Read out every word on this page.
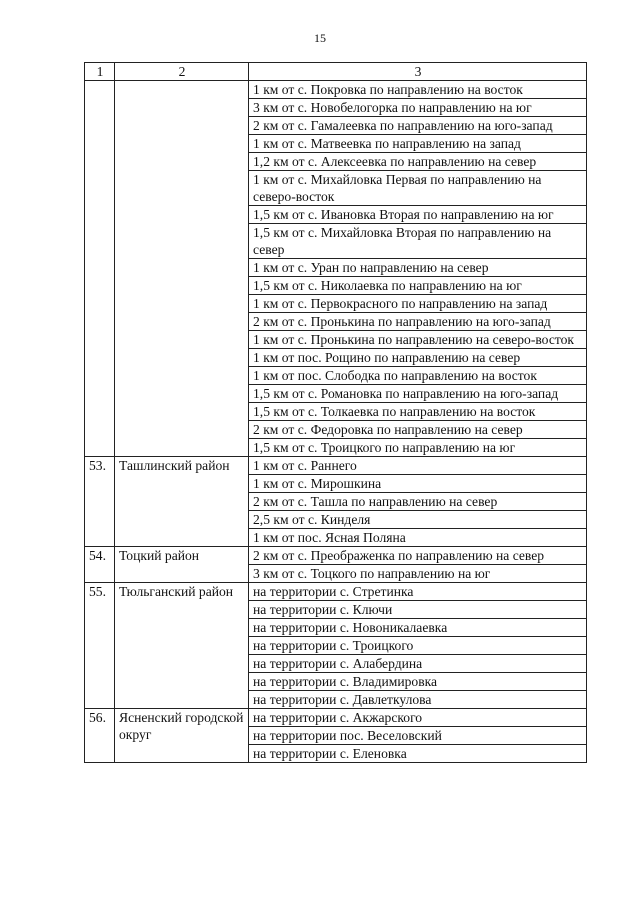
15
1	2	3
		1 км от с. Покровка по направлению на восток
		3 км от с. Новобелогорка по направлению на юг
		2 км от с. Гамалеевка по направлению на юго-запад
		1 км от с. Матвеевка по направлению на запад
		1,2 км от с. Алексеевка по направлению на север
		1 км от с. Михайловка Первая по направлению на северо-восток
		1,5 км от с. Ивановка Вторая по направлению на юг
		1,5 км от с. Михайловка Вторая по направлению на север
		1 км от с. Уран по направлению на север
		1,5 км от с. Николаевка по направлению на юг
		1 км от с. Первокрасного по направлению на запад
		2 км от с. Пронькина по направлению на юго-запад
		1 км от с. Пронькина по направлению на северо-восток
		1 км от пос. Рощино по направлению на север
		1 км от пос. Слободка по направлению на восток
		1,5 км от с. Романовка по направлению на юго-запад
		1,5 км от с. Толкаевка по направлению на восток
		2 км от с. Федоровка по направлению на север
		1,5 км от с. Троицкого по направлению на юг
53.	Ташлинский район	1 км от с. Раннего
		1 км от с. Мирошкина
		2 км от с. Ташла по направлению на север
		2,5 км от с. Кинделя
		1 км от пос. Ясная Поляна
54.	Тоцкий район	2 км от с. Преображенка по направлению на север
		3 км от с. Тоцкого по направлению на юг
55.	Тюльганский район	на территории с. Стретинка
		на территории с. Ключи
		на территории с. Новоникалаевка
		на территории с. Троицкого
		на территории с. Алабердина
		на территории с. Владимировка
		на территории с. Давлеткулова
56.	Ясненский городской округ	на территории с. Акжарского
		на территории пос. Веселовский
		на территории с. Еленовка
